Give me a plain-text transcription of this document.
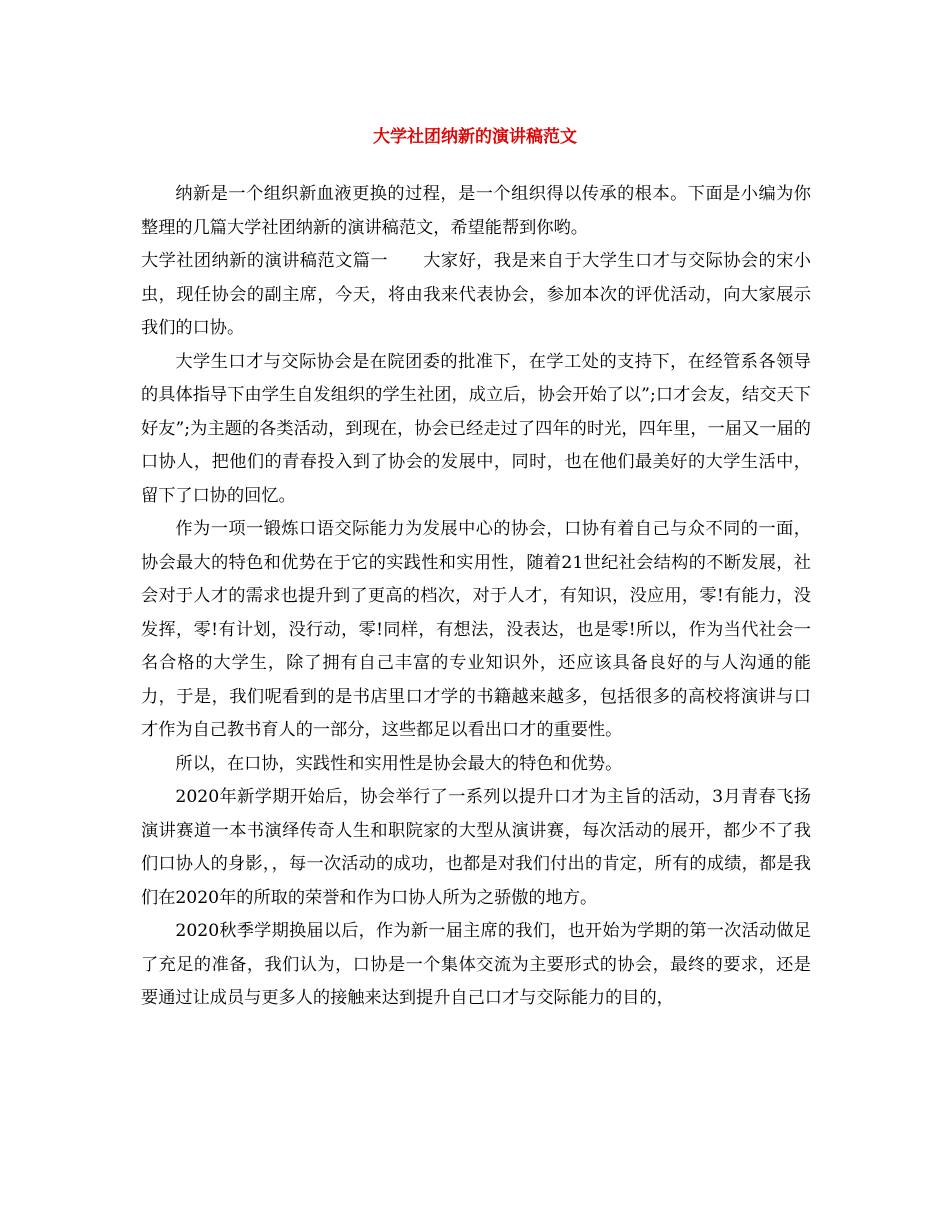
大学社团纳新的演讲稿范文

纳新是一个组织新血液更换的过程，是一个组织得以传承的根本。下面是小编为你整理的几篇大学社团纳新的演讲稿范文，希望能帮到你哟。

大学社团纳新的演讲稿范文篇一　　大家好，我是来自于大学生口才与交际协会的宋小虫，现任协会的副主席，今天，将由我来代表协会，参加本次的评优活动，向大家展示我们的口协。

大学生口才与交际协会是在院团委的批准下，在学工处的支持下，在经管系各领导的具体指导下由学生自发组织的学生社团，成立后，协会开始了以”;口才会友，结交天下好友”;为主题的各类活动，到现在，协会已经走过了四年的时光，四年里，一届又一届的口协人，把他们的青春投入到了协会的发展中，同时，也在他们最美好的大学生活中，留下了口协的回忆。

作为一项一锻炼口语交际能力为发展中心的协会，口协有着自己与众不同的一面，协会最大的特色和优势在于它的实践性和实用性，随着21世纪社会结构的不断发展，社会对于人才的需求也提升到了更高的档次，对于人才，有知识，没应用，零!有能力，没发挥，零!有计划，没行动，零!同样，有想法，没表达，也是零!所以，作为当代社会一名合格的大学生，除了拥有自己丰富的专业知识外，还应该具备良好的与人沟通的能力，于是，我们呢看到的是书店里口才学的书籍越来越多，包括很多的高校将演讲与口才作为自己教书育人的一部分，这些都足以看出口才的重要性。

所以，在口协，实践性和实用性是协会最大的特色和优势。

2020年新学期开始后，协会举行了一系列以提升口才为主旨的活动，3月青春飞扬演讲赛道一本书演绎传奇人生和职院家的大型从演讲赛，每次活动的展开，都少不了我们口协人的身影，，每一次活动的成功，也都是对我们付出的肯定，所有的成绩，都是我们在2020年的所取的荣誉和作为口协人所为之骄傲的地方。

2020秋季学期换届以后，作为新一届主席的我们，也开始为学期的第一次活动做足了充足的准备，我们认为，口协是一个集体交流为主要形式的协会，最终的要求，还是要通过让成员与更多人的接触来达到提升自己口才与交际能力的目的，
